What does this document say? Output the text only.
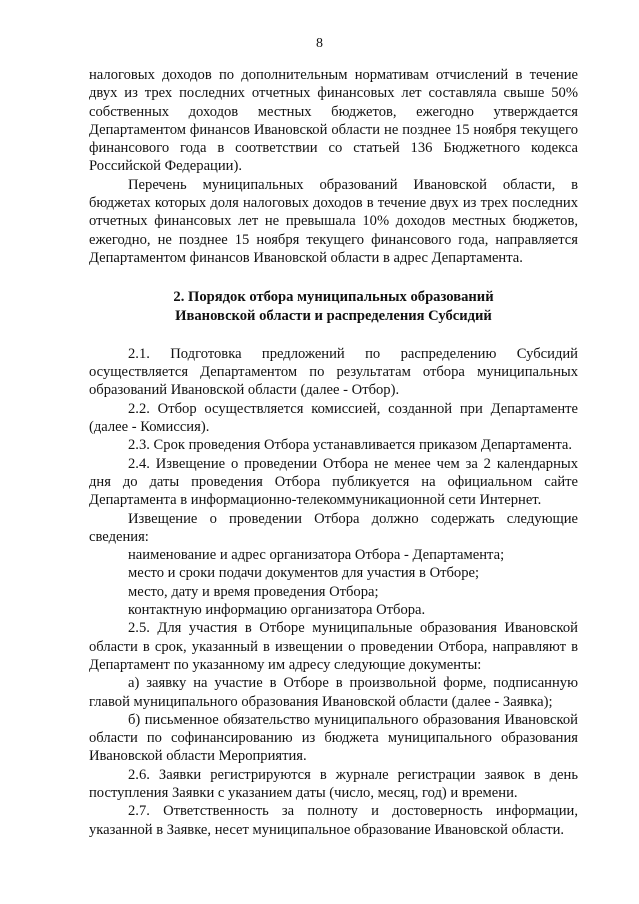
8

налоговых доходов по дополнительным нормативам отчислений в течение двух из трех последних отчетных финансовых лет составляла свыше 50% собственных доходов местных бюджетов, ежегодно утверждается Департаментом финансов Ивановской области не позднее 15 ноября текущего финансового года в соответствии со статьей 136 Бюджетного кодекса Российской Федерации).

Перечень муниципальных образований Ивановской области, в бюджетах которых доля налоговых доходов в течение двух из трех последних отчетных финансовых лет не превышала 10% доходов местных бюджетов, ежегодно, не позднее 15 ноября текущего финансового года, направляется Департаментом финансов Ивановской области в адрес Департамента.

2. Порядок отбора муниципальных образований
Ивановской области и распределения Субсидий

2.1. Подготовка предложений по распределению Субсидий осуществляется Департаментом по результатам отбора муниципальных образований Ивановской области (далее - Отбор).

2.2. Отбор осуществляется комиссией, созданной при Департаменте (далее - Комиссия).

2.3. Срок проведения Отбора устанавливается приказом Департамента.

2.4. Извещение о проведении Отбора не менее чем за 2 календарных дня до даты проведения Отбора публикуется на официальном сайте Департамента в информационно-телекоммуникационной сети Интернет.

Извещение о проведении Отбора должно содержать следующие сведения:

наименование и адрес организатора Отбора - Департамента;

место и сроки подачи документов для участия в Отборе;

место, дату и время проведения Отбора;

контактную информацию организатора Отбора.

2.5. Для участия в Отборе муниципальные образования Ивановской области в срок, указанный в извещении о проведении Отбора, направляют в Департамент по указанному им адресу следующие документы:

а) заявку на участие в Отборе в произвольной форме, подписанную главой муниципального образования Ивановской области (далее - Заявка);

б) письменное обязательство муниципального образования Ивановской области по софинансированию из бюджета муниципального образования Ивановской области Мероприятия.

2.6. Заявки регистрируются в журнале регистрации заявок в день поступления Заявки с указанием даты (число, месяц, год) и времени.

2.7. Ответственность за полноту и достоверность информации, указанной в Заявке, несет муниципальное образование Ивановской области.
